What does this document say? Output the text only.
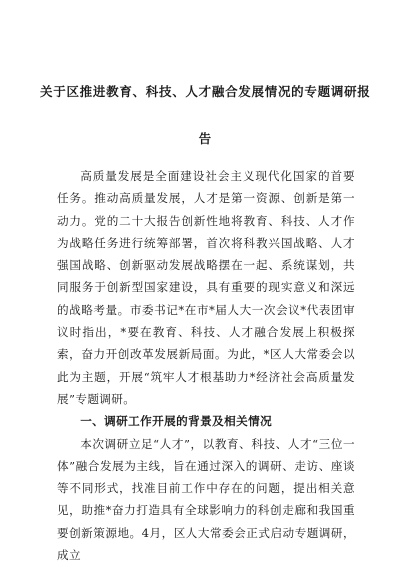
关于区推进教育、科技、人才融合发展情况的专题调研报告

高质量发展是全面建设社会主义现代化国家的首要任务。推动高质量发展，人才是第一资源、创新是第一动力。党的二十大报告创新性地将教育、科技、人才作为战略任务进行统筹部署，首次将科教兴国战略、人才强国战略、创新驱动发展战略摆在一起、系统谋划，共同服务于创新型国家建设，具有重要的现实意义和深远的战略考量。市委书记*在市*届人大一次会议*代表团审议时指出，*要在教育、科技、人才融合发展上积极探索，奋力开创改革发展新局面。为此，*区人大常委会以此为主题，开展“筑牢人才根基助力*经济社会高质量发展”专题调研。

一、调研工作开展的背景及相关情况

本次调研立足“人才”，以教育、科技、人才“三位一体”融合发展为主线，旨在通过深入的调研、走访、座谈等不同形式，找准目前工作中存在的问题，提出相关意见，助推*奋力打造具有全球影响力的科创走廊和我国重要创新策源地。4月，区人大常委会正式启动专题调研，成立
